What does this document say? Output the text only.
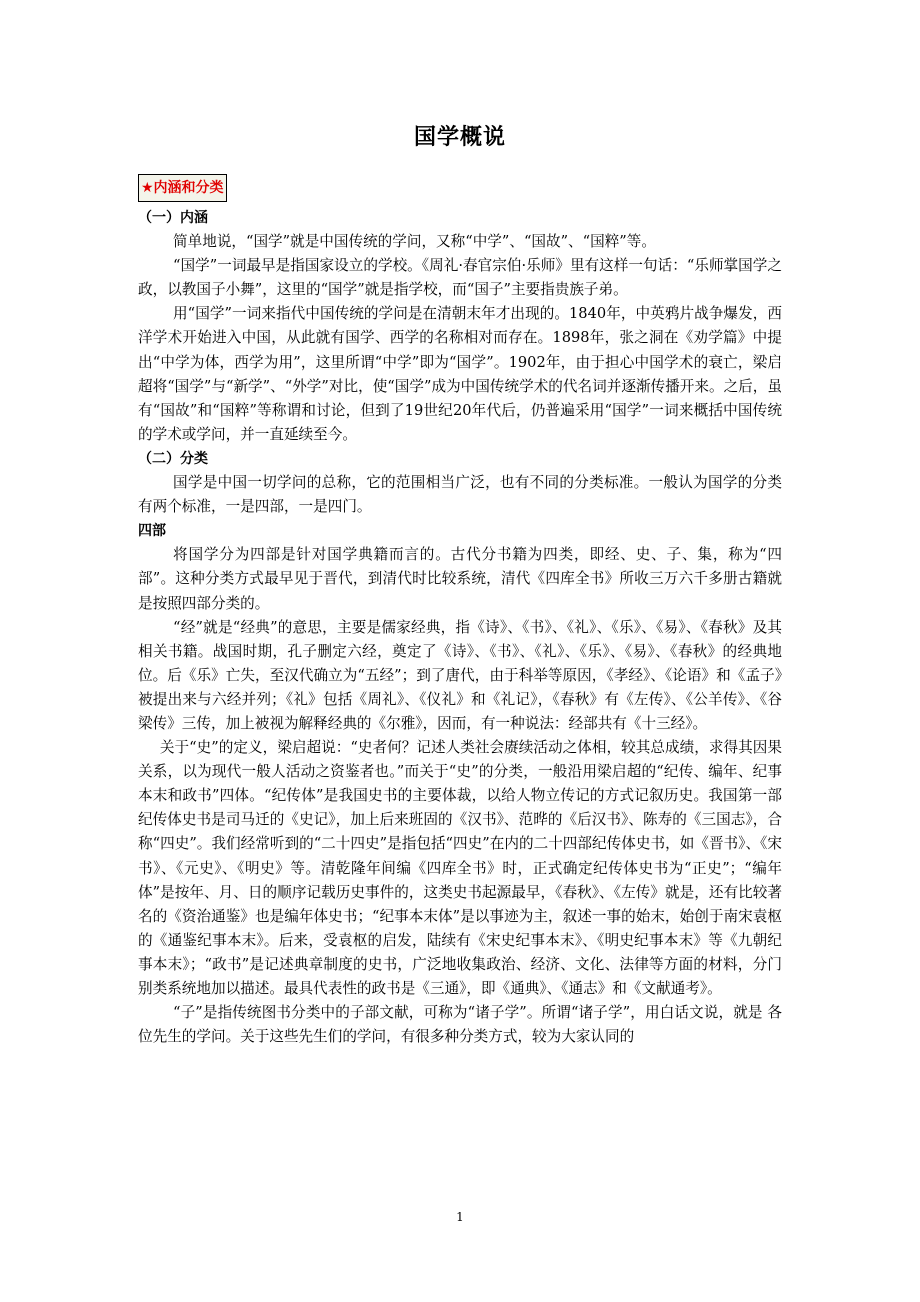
国学概说
★内涵和分类

（一）内涵

简单地说，“国学”就是中国传统的学问，又称“中学”、“国故”、“国粹”等。

“国学”一词最早是指国家设立的学校。《周礼·春官宗伯·乐师》里有这样一句话：“乐师掌国学之政，以教国子小舞”，这里的“国学”就是指学校，而“国子”主要指贵族子弟。

用“国学”一词来指代中国传统的学问是在清朝末年才出现的。1840年，中英鸦片战争爆发，西洋学术开始进入中国，从此就有国学、西学的名称相对而存在。1898年，张之洞在《劝学篇》中提出“中学为体，西学为用”，这里所谓“中学”即为“国学”。1902年，由于担心中国学术的衰亡，梁启超将“国学”与“新学”、“外学”对比，使“国学”成为中国传统学术的代名词并逐渐传播开来。之后，虽有“国故”和“国粹”等称谓和讨论，但到了19世纪20年代后，仍普遍采用“国学”一词来概括中国传统的学术或学问，并一直延续至今。

（二）分类

国学是中国一切学问的总称，它的范围相当广泛，也有不同的分类标准。一般认为国学的分类有两个标准，一是四部，一是四门。

四部

将国学分为四部是针对国学典籍而言的。古代分书籍为四类，即经、史、子、集，称为“四部”。这种分类方式最早见于晋代，到清代时比较系统，清代《四库全书》所收三万六千多册古籍就是按照四部分类的。

“经”就是“经典”的意思，主要是儒家经典，指《诗》、《书》、《礼》、《乐》、《易》、《春秋》及其相关书籍。战国时期，孔子删定六经，奠定了《诗》、《书》、《礼》、《乐》、《易》、《春秋》的经典地位。后《乐》亡失，至汉代确立为“五经”；到了唐代，由于科举等原因，《孝经》、《论语》和《孟子》被提出来与六经并列；《礼》包括《周礼》、《仪礼》和《礼记》，《春秋》有《左传》、《公羊传》、《谷梁传》三传，加上被视为解释经典的《尔雅》，因而，有一种说法：经部共有《十三经》。

关于“史”的定义，梁启超说：“史者何？记述人类社会赓续活动之体相，较其总成绩，求得其因果关系，以为现代一般人活动之资鉴者也。”而关于“史”的分类，一般沿用梁启超的“纪传、编年、纪事本末和政书”四体。“纪传体”是我国史书的主要体裁，以给人物立传记的方式记叙历史。我国第一部纪传体史书是司马迁的《史记》，加上后来班固的《汉书》、范晔的《后汉书》、陈寿的《三国志》，合称“四史”。我们经常听到的“二十四史”是指包括“四史”在内的二十四部纪传体史书，如《晋书》、《宋书》、《元史》、《明史》等。清乾隆年间编《四库全书》时，正式确定纪传体史书为“正史”；“编年体”是按年、月、日的顺序记载历史事件的，这类史书起源最早，《春秋》、《左传》就是，还有比较著名的《资治通鉴》也是编年体史书；“纪事本末体”是以事迹为主，叙述一事的始末，始创于南宋袁枢的《通鉴纪事本末》。后来，受袁枢的启发，陆续有《宋史纪事本末》、《明史纪事本末》等《九朝纪事本末》；“政书”是记述典章制度的史书，广泛地收集政治、经济、文化、法律等方面的材料，分门别类系统地加以描述。最具代表性的政书是《三通》，即《通典》、《通志》和《文献通考》。

“子”是指传统图书分类中的子部文献，可称为“诸子学”。所谓“诸子学”，用白话文说，就是 各位先生的学问。关于这些先生们的学问，有很多种分类方式，较为大家认同的

1
